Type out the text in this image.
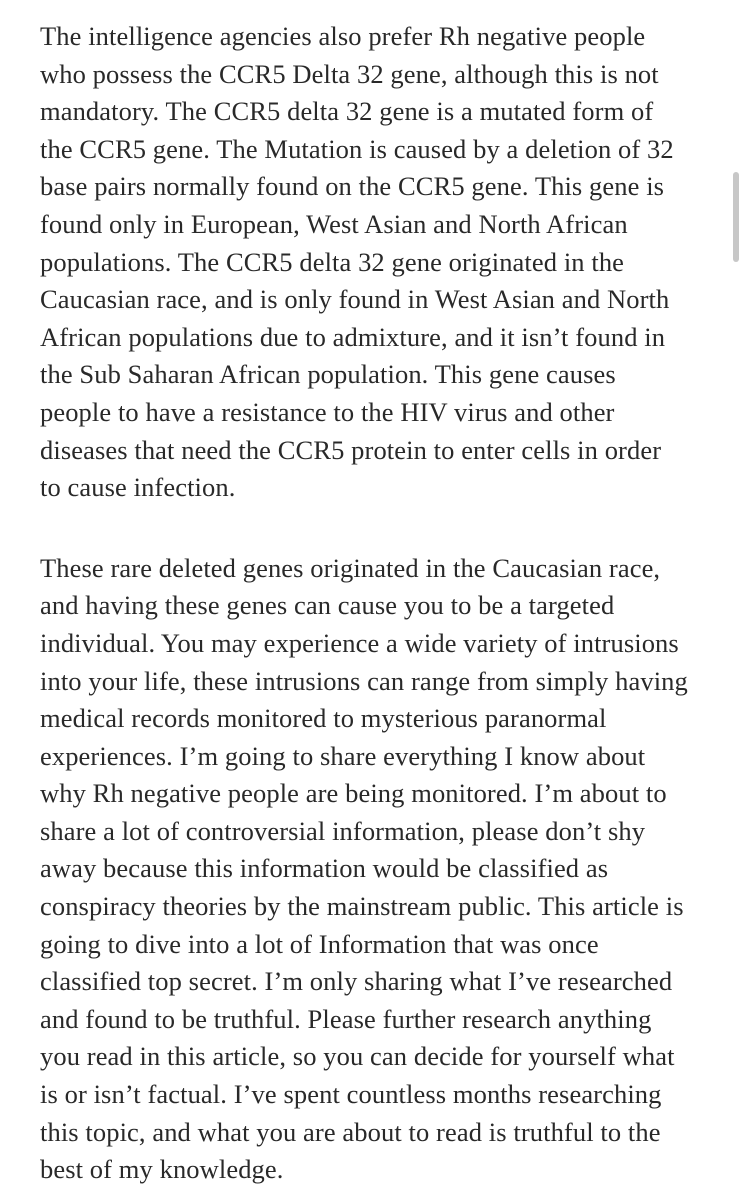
The intelligence agencies also prefer Rh negative people
who possess the CCR5 Delta 32 gene, although this is not
mandatory. The CCR5 delta 32 gene is a mutated form of
the CCR5 gene. The Mutation is caused by a deletion of 32
base pairs normally found on the CCR5 gene. This gene is
found only in European, West Asian and North African
populations. The CCR5 delta 32 gene originated in the
Caucasian race, and is only found in West Asian and North
African populations due to admixture, and it isn’t found in
the Sub Saharan African population. This gene causes
people to have a resistance to the HIV virus and other
diseases that need the CCR5 protein to enter cells in order
to cause infection.

These rare deleted genes originated in the Caucasian race,
and having these genes can cause you to be a targeted
individual. You may experience a wide variety of intrusions
into your life, these intrusions can range from simply having
medical records monitored to mysterious paranormal
experiences. I’m going to share everything I know about
why Rh negative people are being monitored. I’m about to
share a lot of controversial information, please don’t shy
away because this information would be classified as
conspiracy theories by the mainstream public. This article is
going to dive into a lot of Information that was once
classified top secret. I’m only sharing what I’ve researched
and found to be truthful. Please further research anything
you read in this article, so you can decide for yourself what
is or isn’t factual. I’ve spent countless months researching
this topic, and what you are about to read is truthful to the
best of my knowledge.
